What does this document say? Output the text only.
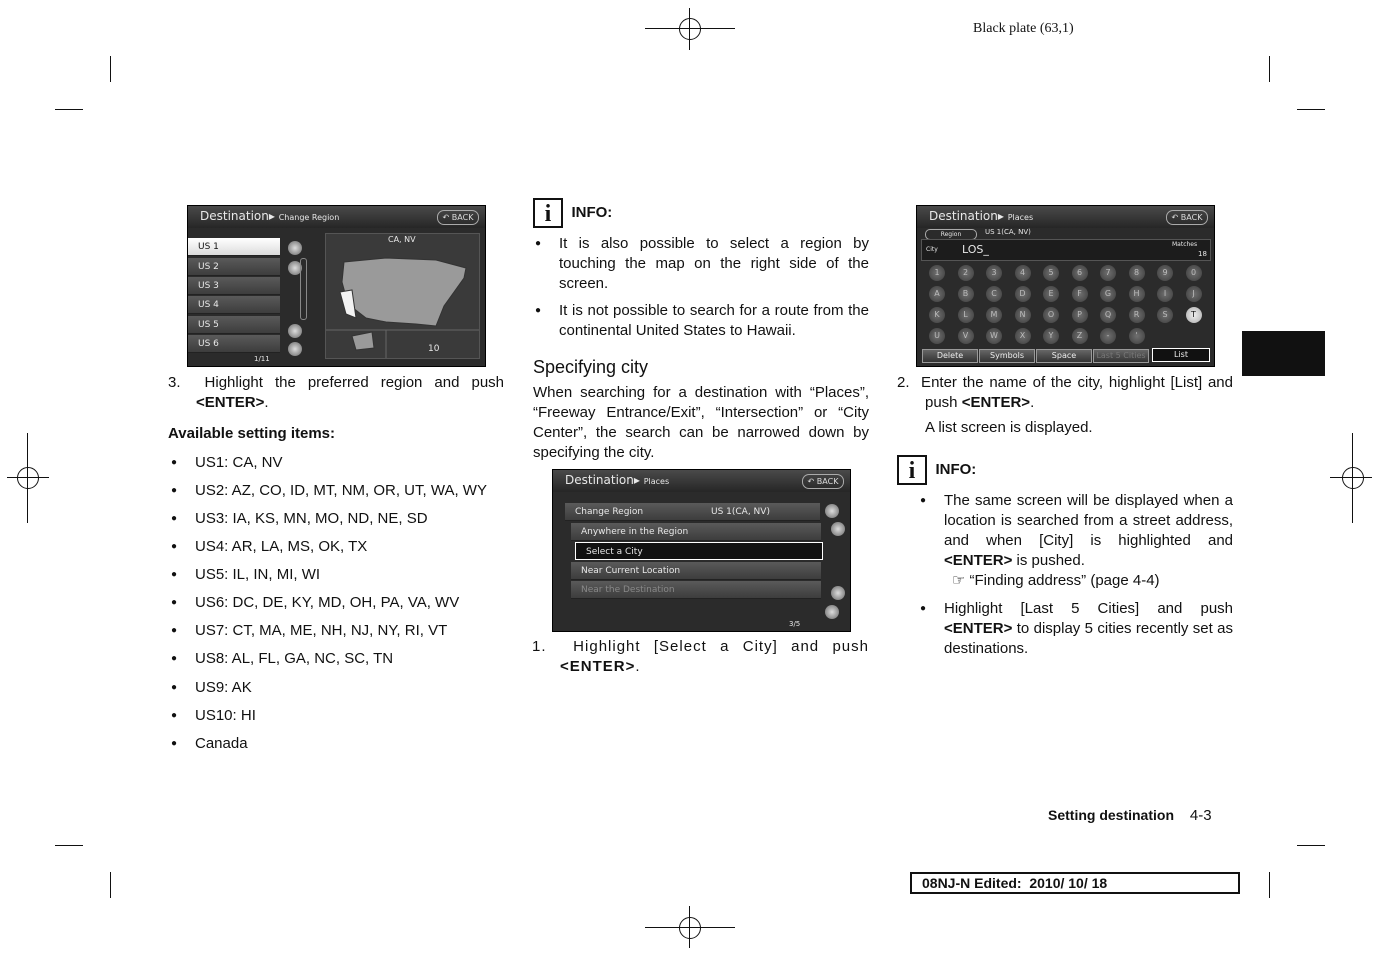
Black plate (63,1)
Destination▸ Change Region	↶ BACK
US 1
US 2
US 3
US 4
US 5
US 6
1/11
CA, NV
10
3.  Highlight the preferred region and push <ENTER>.
Available setting items:
● US1: CA, NV
● US2: AZ, CO, ID, MT, NM, OR, UT, WA, WY
● US3: IA, KS, MN, MO, ND, NE, SD
● US4: AR, LA, MS, OK, TX
● US5: IL, IN, MI, WI
● US6: DC, DE, KY, MD, OH, PA, VA, WV
● US7: CT, MA, ME, NH, NJ, NY, RI, VT
● US8: AL, FL, GA, NC, SC, TN
● US9: AK
● US10: HI
● Canada
i	INFO:
● It is also possible to select a region by touching the map on the right side of the screen.
● It is not possible to search for a route from the continental United States to Hawaii.
Specifying city
When searching for a destination with “Places”, “Freeway Entrance/Exit”, “Intersection” or “City Center”, the search can be narrowed down by specifying the city.
Destination▸ Places	↶ BACK
Change Region	US 1(CA, NV)
Anywhere in the Region
Select a City
Near Current Location
Near the Destination
3/5
1.  Highlight [Select a City] and push <ENTER>.
Destination▸ Places	↶ BACK
Region	US 1(CA, NV)
City LOS_	Matches
18
1	2	3	4	5	6	7	8	9	0
A	B	C	D	E	F	G	H	I	J
K	L	M	N	O	P	Q	R	S	T
U	V	W	X	Y	Z	-	'
Delete	Symbols	Space	Last 5 Cities	List
2.  Enter the name of the city, highlight [List] and push <ENTER>.
A list screen is displayed.
i	INFO:
● The same screen will be displayed when a location is searched from a street address, and when [City] is highlighted and <ENTER> is pushed.
☞ “Finding address” (page 4-4)
● Highlight [Last 5 Cities] and push <ENTER> to display 5 cities recently set as destinations.
Setting destination 4-3
08NJ-N Edited:  2010/ 10/ 18
